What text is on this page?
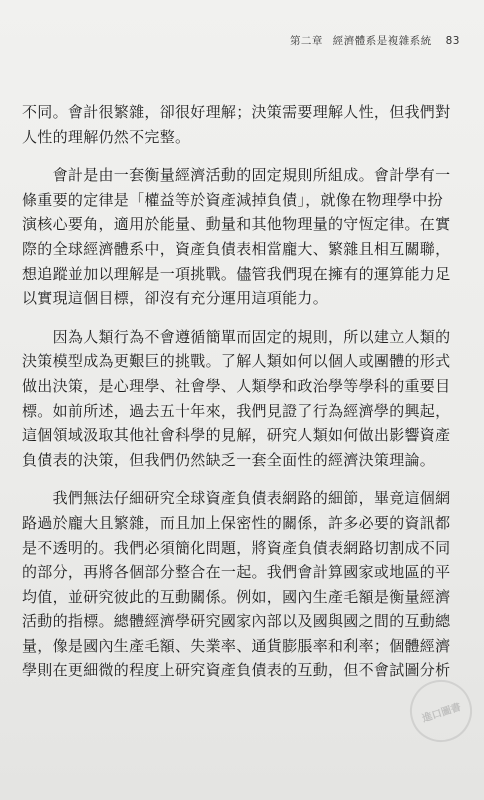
第二章 經濟體系是複雜系統 83
不同。會計很繁雜，卻很好理解；決策需要理解人性，但我們對
人性的理解仍然不完整。
　　會計是由一套衡量經濟活動的固定規則所組成。會計學有一
條重要的定律是「權益等於資產減掉負債」，就像在物理學中扮
演核心要角，適用於能量、動量和其他物理量的守恆定律。在實
際的全球經濟體系中，資產負債表相當龐大、繁雜且相互關聯，
想追蹤並加以理解是一項挑戰。儘管我們現在擁有的運算能力足
以實現這個目標，卻沒有充分運用這項能力。
　　因為人類行為不會遵循簡單而固定的規則，所以建立人類的
決策模型成為更艱巨的挑戰。了解人類如何以個人或團體的形式
做出決策，是心理學、社會學、人類學和政治學等學科的重要目
標。如前所述，過去五十年來，我們見證了行為經濟學的興起，
這個領域汲取其他社會科學的見解，研究人類如何做出影響資產
負債表的決策，但我們仍然缺乏一套全面性的經濟決策理論。
　　我們無法仔細研究全球資產負債表網路的細節，畢竟這個網
路過於龐大且繁雜，而且加上保密性的關係，許多必要的資訊都
是不透明的。我們必須簡化問題，將資產負債表網路切割成不同
的部分，再將各個部分整合在一起。我們會計算國家或地區的平
均值，並研究彼此的互動關係。例如，國內生產毛額是衡量經濟
活動的指標。總體經濟學研究國家內部以及國與國之間的互動總
量，像是國內生產毛額、失業率、通貨膨脹率和利率；個體經濟
學則在更細微的程度上研究資產負債表的互動，但不會試圖分析
進口圖書
